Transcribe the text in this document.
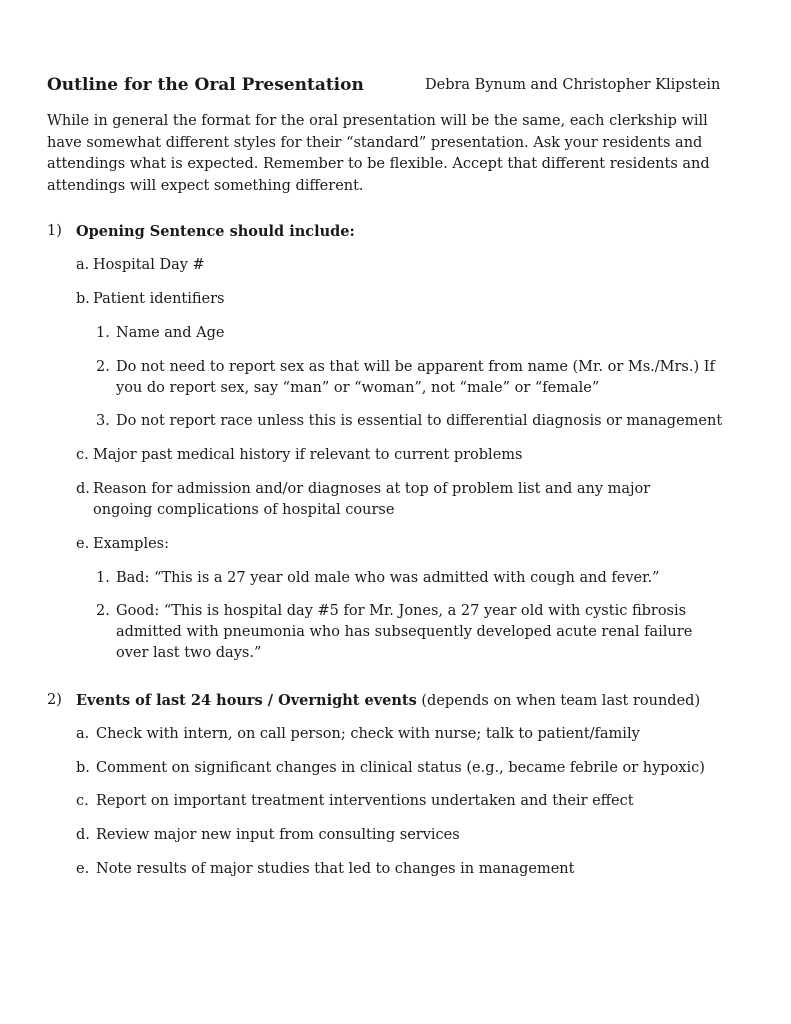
Outline for the Oral Presentation	Debra Bynum and Christopher Klipstein
While in general the format for the oral presentation will be the same, each clerkship will have somewhat different styles for their “standard” presentation. Ask your residents and attendings what is expected. Remember to be flexible. Accept that different residents and attendings will expect something different.
1) Opening Sentence should include:
a. Hospital Day #
b. Patient identifiers
1. Name and Age
2. Do not need to report sex as that will be apparent from name (Mr. or Ms./Mrs.) If you do report sex, say “man” or “woman”, not “male” or “female”
3. Do not report race unless this is essential to differential diagnosis or management
c. Major past medical history if relevant to current problems
d. Reason for admission and/or diagnoses at top of problem list and any major ongoing complications of hospital course
e. Examples:
1. Bad: “This is a 27 year old male who was admitted with cough and fever.”
2. Good: “This is hospital day #5 for Mr. Jones, a 27 year old with cystic fibrosis admitted with pneumonia who has subsequently developed acute renal failure over last two days.”
2) Events of last 24 hours / Overnight events (depends on when team last rounded)
a. Check with intern, on call person; check with nurse; talk to patient/family
b. Comment on significant changes in clinical status (e.g., became febrile or hypoxic)
c. Report on important treatment interventions undertaken and their effect
d. Review major new input from consulting services
e. Note results of major studies that led to changes in management
